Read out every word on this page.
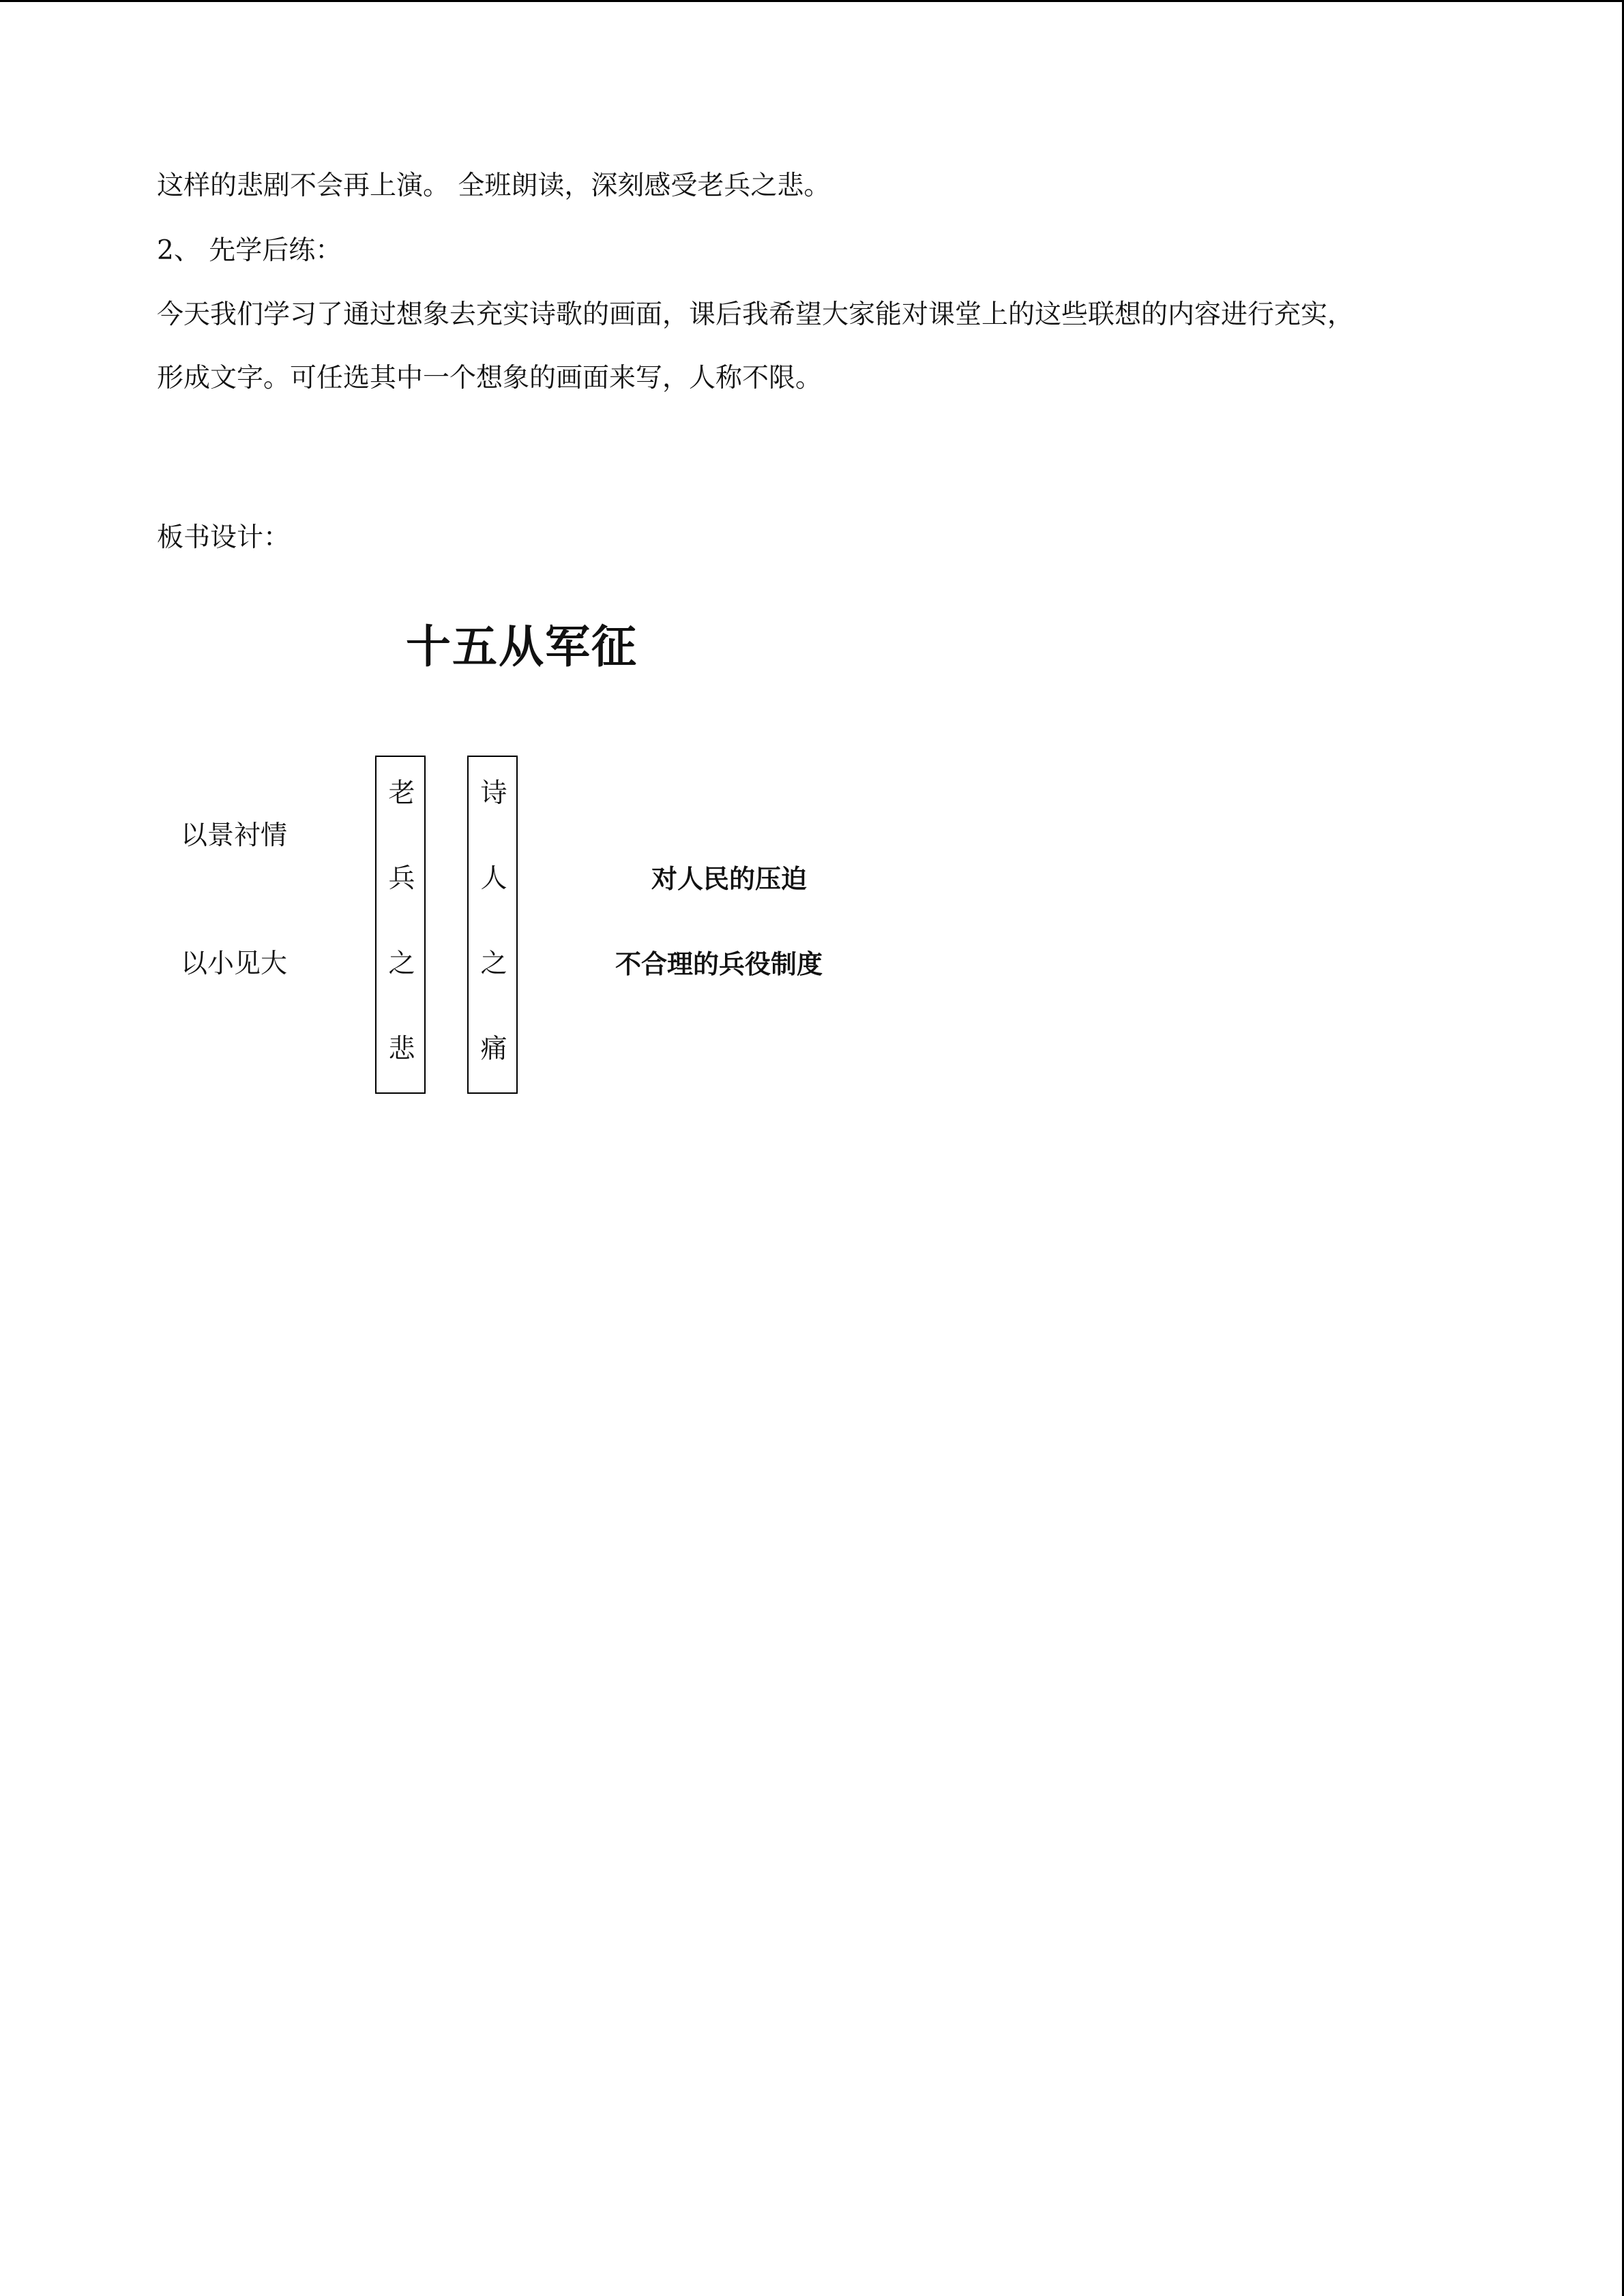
这样的悲剧不会再上演。 全班朗读，深刻感受老兵之悲。
2、 先学后练：
今天我们学习了通过想象去充实诗歌的画面，课后我希望大家能对课堂上的这些联想的内容进行充实，
形成文字。可任选其中一个想象的画面来写，人称不限。
板书设计：
十五从军征
以景衬情
以小见大
老
兵
之
悲
诗
人
之
痛
对人民的压迫
不合理的兵役制度
